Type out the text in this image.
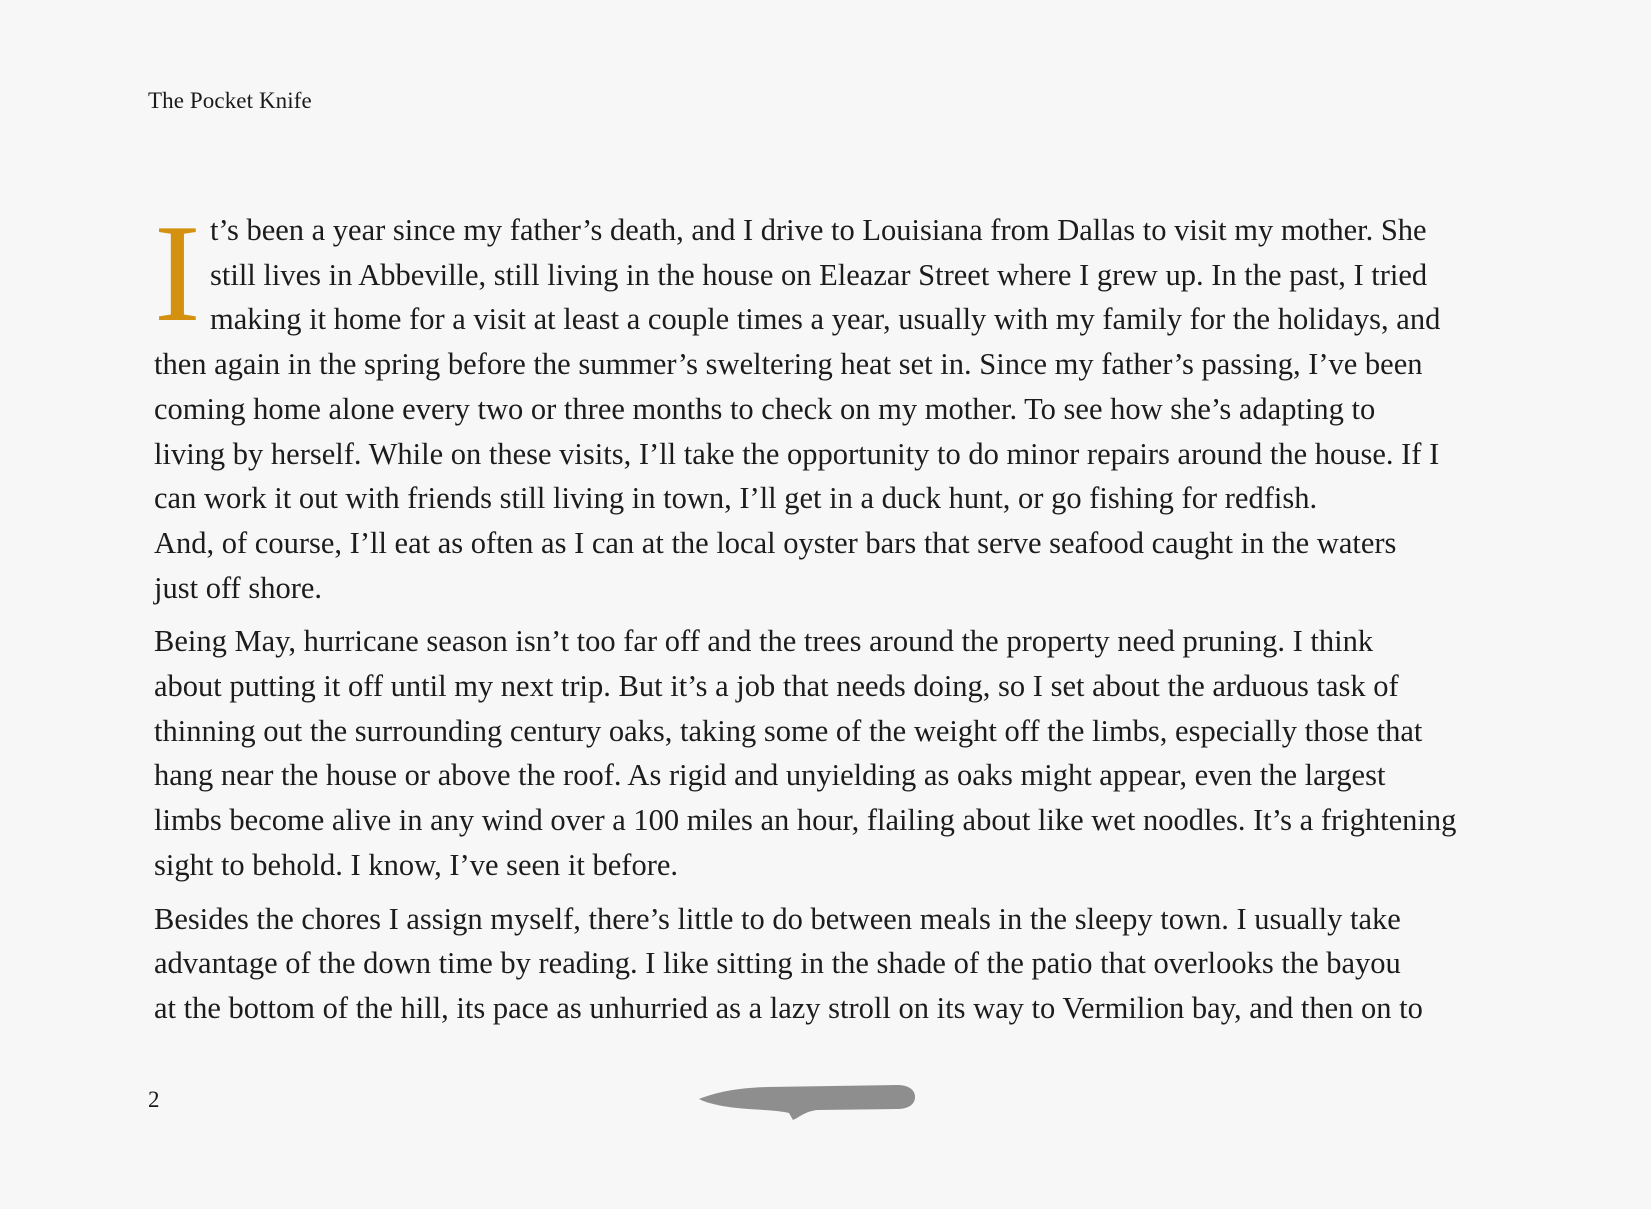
The Pocket Knife
I t’s been a year since my father’s death, and I drive to Louisiana from Dallas to visit my mother. She
still lives in Abbeville, still living in the house on Eleazar Street where I grew up. In the past, I tried
making it home for a visit at least a couple times a year, usually with my family for the holidays, and
then again in the spring before the summer’s sweltering heat set in. Since my father’s passing, I’ve been
coming home alone every two or three months to check on my mother. To see how she’s adapting to
living by herself. While on these visits, I’ll take the opportunity to do minor repairs around the house. If I
can work it out with friends still living in town, I’ll get in a duck hunt, or go fishing for redfish.
And, of course, I’ll eat as often as I can at the local oyster bars that serve seafood caught in the waters
just off shore.

Being May, hurricane season isn’t too far off and the trees around the property need pruning. I think
about putting it off until my next trip. But it’s a job that needs doing, so I set about the arduous task of
thinning out the surrounding century oaks, taking some of the weight off the limbs, especially those that
hang near the house or above the roof. As rigid and unyielding as oaks might appear, even the largest
limbs become alive in any wind over a 100 miles an hour, flailing about like wet noodles. It’s a frightening
sight to behold. I know, I’ve seen it before.

Besides the chores I assign myself, there’s little to do between meals in the sleepy town. I usually take
advantage of the down time by reading. I like sitting in the shade of the patio that overlooks the bayou
at the bottom of the hill, its pace as unhurried as a lazy stroll on its way to Vermilion bay, and then on to

2
